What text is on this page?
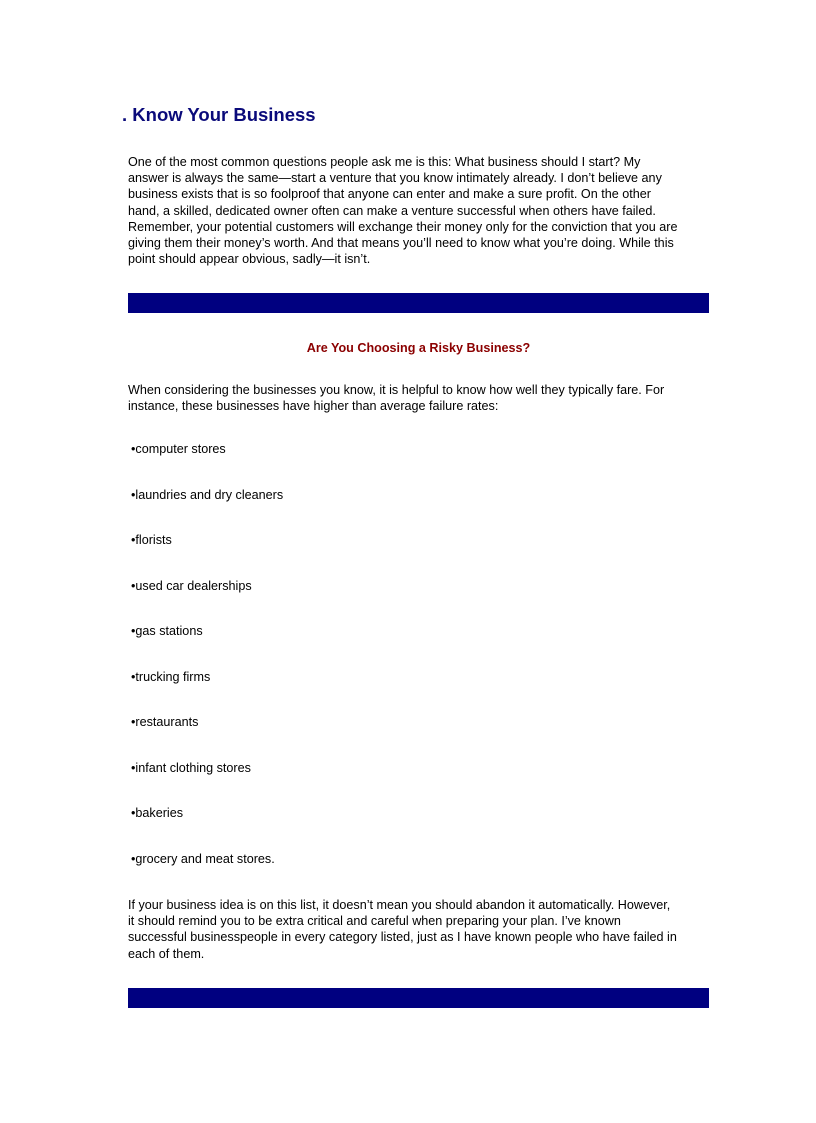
. Know Your Business

One of the most common questions people ask me is this: What business should I start? My
answer is always the same—start a venture that you know intimately already. I don’t believe any
business exists that is so foolproof that anyone can enter and make a sure profit. On the other
hand, a skilled, dedicated owner often can make a venture successful when others have failed.
Remember, your potential customers will exchange their money only for the conviction that you are
giving them their money’s worth. And that means you’ll need to know what you’re doing. While this
point should appear obvious, sadly—it isn’t.

Are You Choosing a Risky Business?

When considering the businesses you know, it is helpful to know how well they typically fare. For
instance, these businesses have higher than average failure rates:

•computer stores
•laundries and dry cleaners
•florists
•used car dealerships
•gas stations
•trucking firms
•restaurants
•infant clothing stores
•bakeries
•grocery and meat stores.

If your business idea is on this list, it doesn’t mean you should abandon it automatically. However,
it should remind you to be extra critical and careful when preparing your plan. I’ve known
successful businesspeople in every category listed, just as I have known people who have failed in
each of them.
